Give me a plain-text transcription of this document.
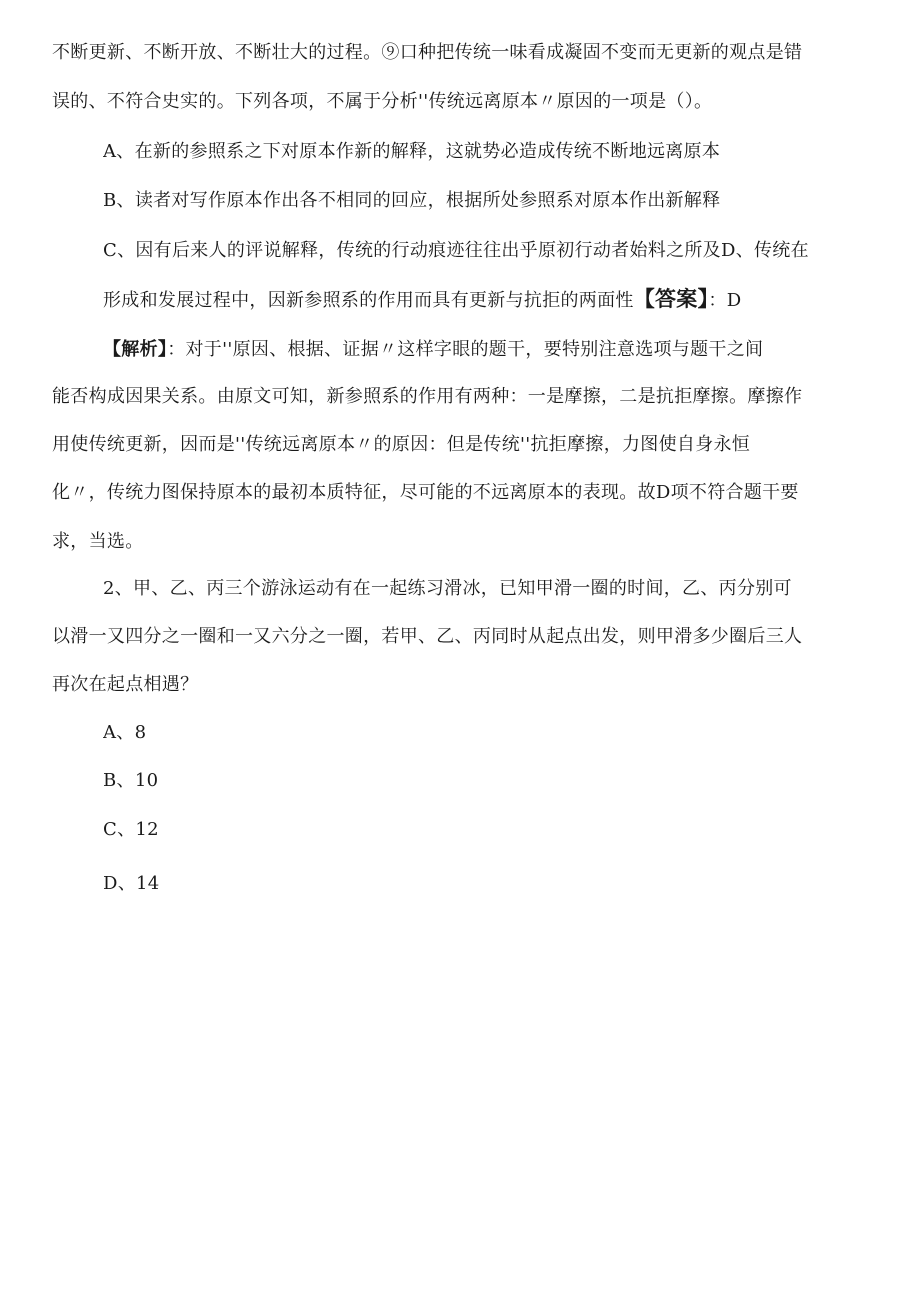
不断更新、不断开放、不断壮大的过程。⑨口种把传统一味看成凝固不变而无更新的观点是错
误的、不符合史实的。下列各项，不属于分析''传统远离原本〃原因的一项是（）。
A、在新的参照系之下对原本作新的解释，这就势必造成传统不断地远离原本
B、读者对写作原本作出各不相同的回应，根据所处参照系对原本作出新解释
C、因有后来人的评说解释，传统的行动痕迹往往出乎原初行动者始料之所及D、传统在
形成和发展过程中，因新参照系的作用而具有更新与抗拒的两面性【答案】：D
【解析】：对于''原因、根据、证据〃这样字眼的题干，要特别注意选项与题干之间
能否构成因果关系。由原文可知，新参照系的作用有两种：一是摩擦，二是抗拒摩擦。摩擦作
用使传统更新，因而是''传统远离原本〃的原因：但是传统''抗拒摩擦，力图使自身永恒
化〃，传统力图保持原本的最初本质特征，尽可能的不远离原本的表现。故D项不符合题干要
求，当选。
2、甲、乙、丙三个游泳运动有在一起练习滑冰，已知甲滑一圈的时间，乙、丙分别可
以滑一又四分之一圈和一又六分之一圈，若甲、乙、丙同时从起点出发，则甲滑多少圈后三人
再次在起点相遇？
A、8
B、10
C、12
D、14
